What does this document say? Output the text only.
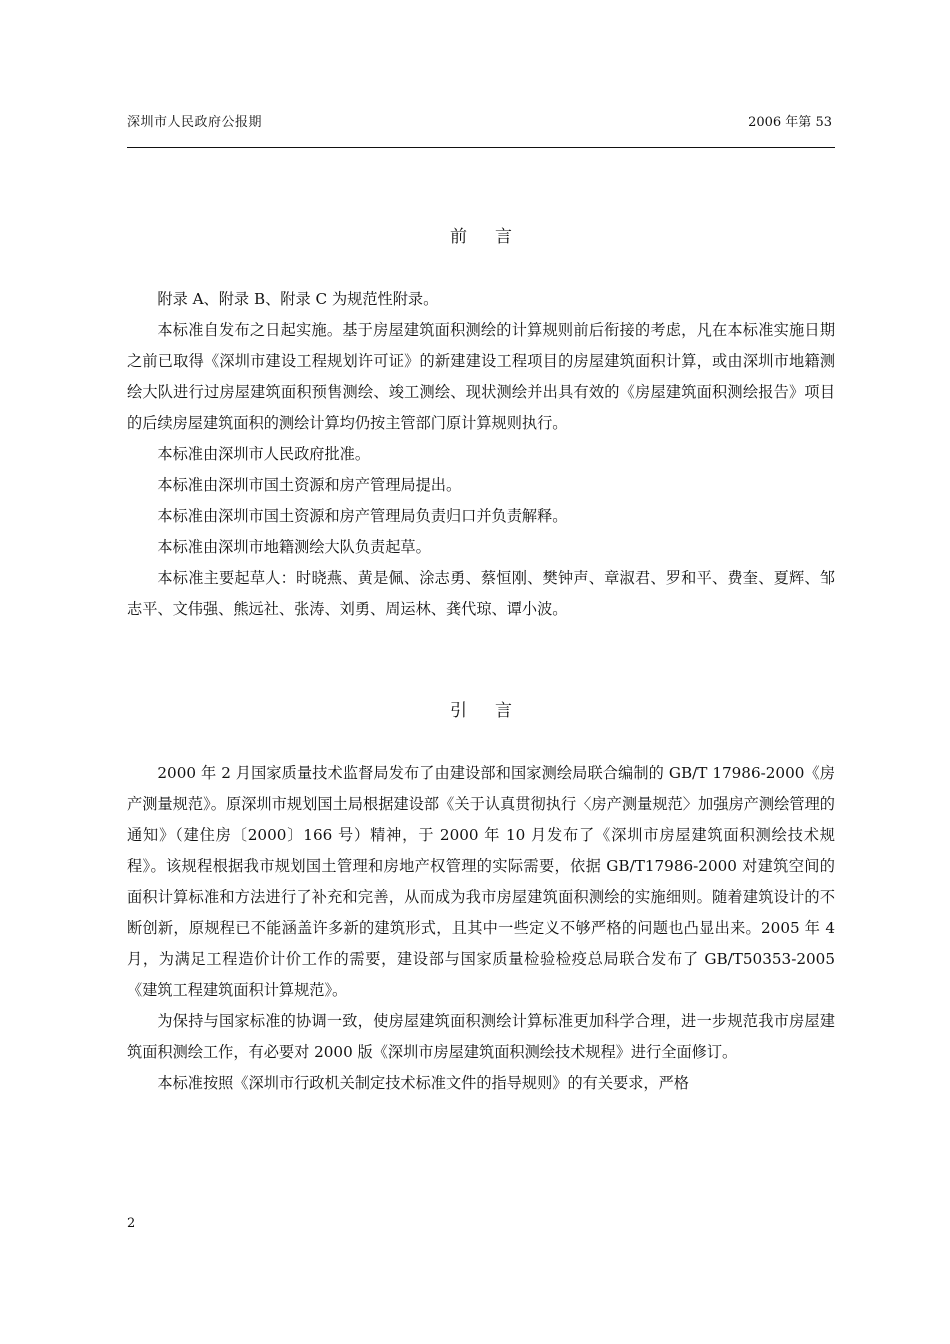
深圳市人民政府公报期	2006 年第 53
前言

附录 A、附录 B、附录 C 为规范性附录。

本标准自发布之日起实施。基于房屋建筑面积测绘的计算规则前后衔接的考虑，凡在本标准实施日期之前已取得《深圳市建设工程规划许可证》的新建建设工程项目的房屋建筑面积计算，或由深圳市地籍测绘大队进行过房屋建筑面积预售测绘、竣工测绘、现状测绘并出具有效的《房屋建筑面积测绘报告》项目的后续房屋建筑面积的测绘计算均仍按主管部门原计算规则执行。

本标准由深圳市人民政府批准。

本标准由深圳市国土资源和房产管理局提出。

本标准由深圳市国土资源和房产管理局负责归口并负责解释。

本标准由深圳市地籍测绘大队负责起草。

本标准主要起草人：时晓燕、黄是佩、涂志勇、蔡恒刚、樊钟声、章淑君、罗和平、费奎、夏辉、邹志平、文伟强、熊远社、张涛、刘勇、周运林、龚代琼、谭小波。

引言

2000 年 2 月国家质量技术监督局发布了由建设部和国家测绘局联合编制的 GB/T 17986-2000《房产测量规范》。原深圳市规划国土局根据建设部《关于认真贯彻执行〈房产测量规范〉加强房产测绘管理的通知》（建住房〔2000〕166 号）精神，于 2000 年 10 月发布了《深圳市房屋建筑面积测绘技术规程》。该规程根据我市规划国土管理和房地产权管理的实际需要，依据 GB/T17986-2000 对建筑空间的面积计算标准和方法进行了补充和完善，从而成为我市房屋建筑面积测绘的实施细则。随着建筑设计的不断创新，原规程已不能涵盖许多新的建筑形式，且其中一些定义不够严格的问题也凸显出来。2005 年 4 月，为满足工程造价计价工作的需要，建设部与国家质量检验检疫总局联合发布了 GB/T50353-2005《建筑工程建筑面积计算规范》。

为保持与国家标准的协调一致，使房屋建筑面积测绘计算标准更加科学合理，进一步规范我市房屋建筑面积测绘工作，有必要对 2000 版《深圳市房屋建筑面积测绘技术规程》进行全面修订。

本标准按照《深圳市行政机关制定技术标准文件的指导规则》的有关要求，严格

2
